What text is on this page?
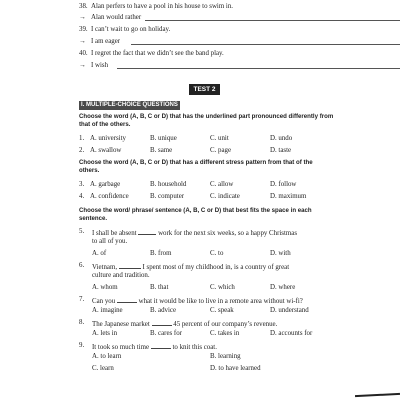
38. Alan perfers to have a pool in his house to swim in.
→ Alan would rather
39. I can’t wait to go on holiday.
→ I am eager
40. I regret the fact that we didn’t see the band play.
→ I wish
TEST 2
I. MULTIPLE-CHOICE QUESTIONS
Choose the word (A, B, C or D) that has the underlined part pronounced differently from that of the others.
1. A. university	B. unique	C. unit	D. undo
2. A. swallow	B. same	C. page	D. taste
Choose the word (A, B, C or D) that has a different stress pattern from that of the others.
3. A. garbage	B. household	C. allow	D. follow
4. A. confidence	B. computer	C. indicate	D. maximum
Choose the word/ phrase/ sentence (A, B, C or D) that best fits the space in each sentence.
5. I shall be absent	work for the next six weeks, so a happy Christmas
to all of you.
A. of	B. from	C. to	D. with
6. Vietnam,	I spent most of my childhood in, is a country of great
culture and tradition.
A. whom	B. that	C. which	D. where
7. Can you	what it would be like to live in a remote area without wi-fi?
A. imagine	B. advice	C. speak	D. understand
8. The Japanese market	45 percent of our company’s revenue.
A. lets in	B. cares for	C. takes in	D. accounts for
9. It took so much time	to knit this coat.
A. to learn	B. learning
C. learn	D. to have learned
